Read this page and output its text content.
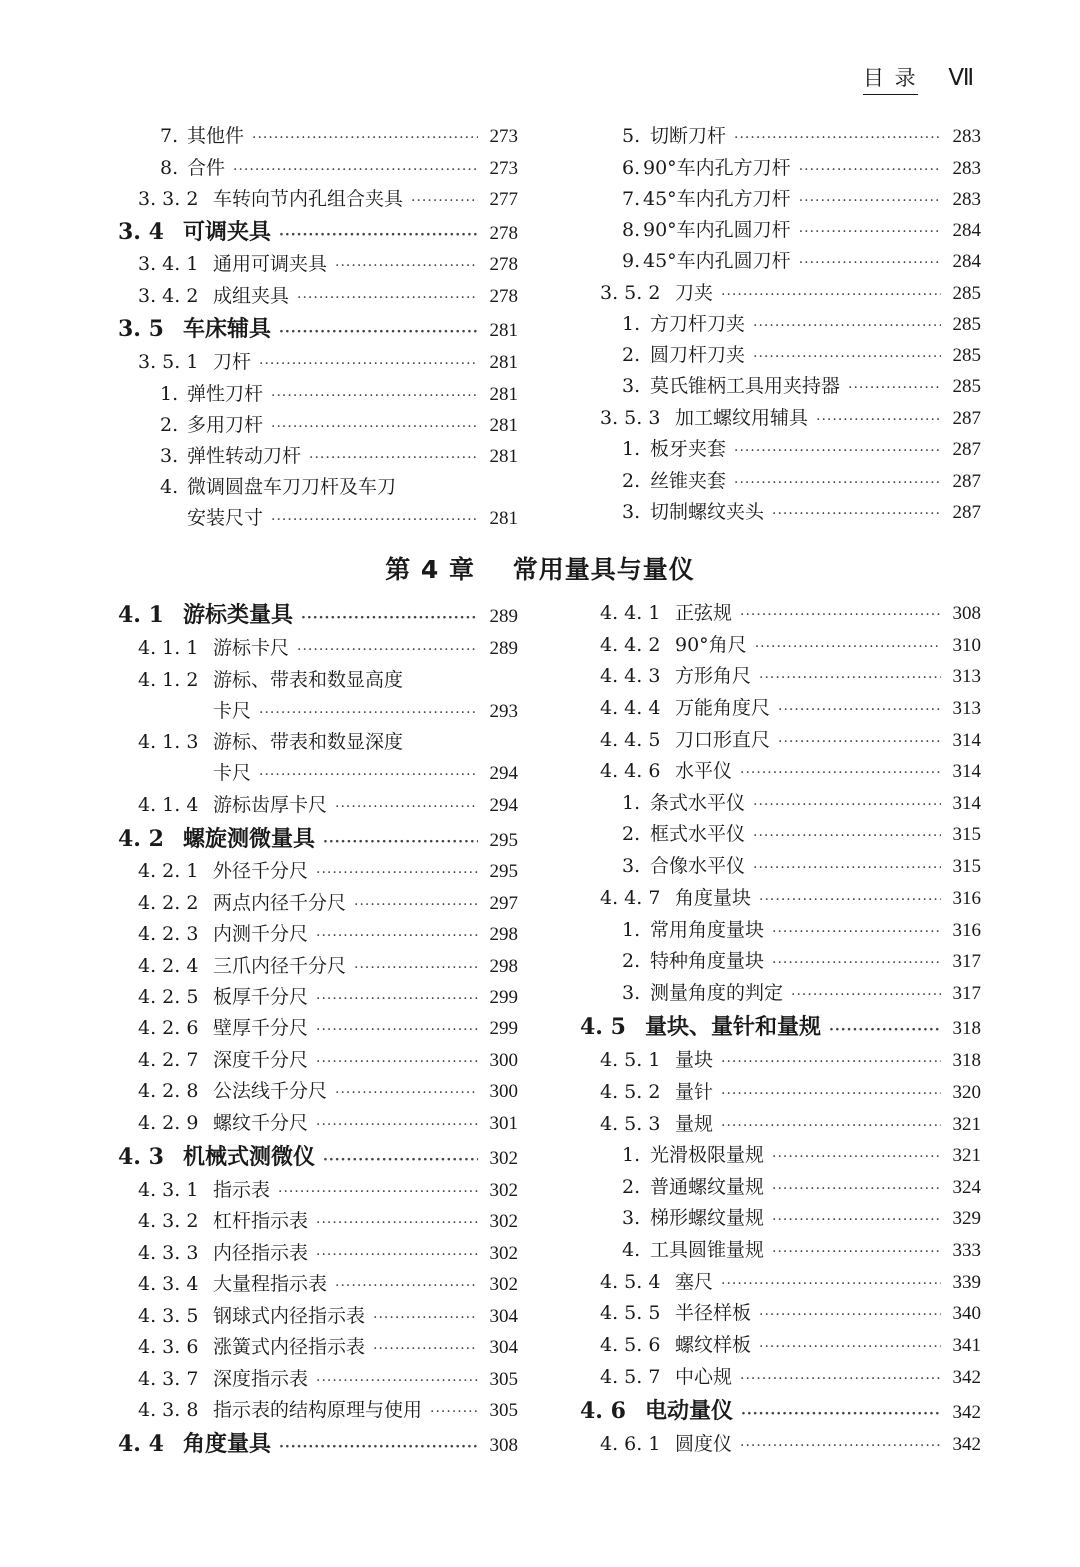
目 录 Ⅶ
第 4 章 常用量具与量仪
7. 其他件 ·····	273
8. 合件 ·····	273
3. 3. 2 车转向节内孔组合夹具 ·····	277
3. 4 可调夹具 ·····	278
3. 4. 1 通用可调夹具 ·····	278
3. 4. 2 成组夹具 ·····	278
3. 5 车床辅具 ·····	281
3. 5. 1 刀杆 ·····	281
1. 弹性刀杆 ·····	281
2. 多用刀杆 ·····	281
3. 弹性转动刀杆 ·····	281
4. 微调圆盘车刀刀杆及车刀
安装尺寸 ·····	281
5. 切断刀杆 ·····	283
6. 90°车内孔方刀杆 ·····	283
7. 45°车内孔方刀杆 ·····	283
8. 90°车内孔圆刀杆 ·····	284
9. 45°车内孔圆刀杆 ·····	284
3. 5. 2 刀夹 ·····	285
1. 方刀杆刀夹 ·····	285
2. 圆刀杆刀夹 ·····	285
3. 莫氏锥柄工具用夹持器 ·····	285
3. 5. 3 加工螺纹用辅具 ·····	287
1. 板牙夹套 ·····	287
2. 丝锥夹套 ·····	287
3. 切制螺纹夹头 ·····	287
4. 1 游标类量具 ·····	289
4. 1. 1 游标卡尺 ·····	289
4. 1. 2 游标、带表和数显高度
卡尺 ·····	293
4. 1. 3 游标、带表和数显深度
卡尺 ·····	294
4. 1. 4 游标齿厚卡尺 ·····	294
4. 2 螺旋测微量具 ·····	295
4. 2. 1 外径千分尺 ·····	295
4. 2. 2 两点内径千分尺 ·····	297
4. 2. 3 内测千分尺 ·····	298
4. 2. 4 三爪内径千分尺 ·····	298
4. 2. 5 板厚千分尺 ·····	299
4. 2. 6 壁厚千分尺 ·····	299
4. 2. 7 深度千分尺 ·····	300
4. 2. 8 公法线千分尺 ·····	300
4. 2. 9 螺纹千分尺 ·····	301
4. 3 机械式测微仪 ·····	302
4. 3. 1 指示表 ·····	302
4. 3. 2 杠杆指示表 ·····	302
4. 3. 3 内径指示表 ·····	302
4. 3. 4 大量程指示表 ·····	302
4. 3. 5 钢球式内径指示表 ·····	304
4. 3. 6 涨簧式内径指示表 ·····	304
4. 3. 7 深度指示表 ·····	305
4. 3. 8 指示表的结构原理与使用 ·····	305
4. 4 角度量具 ·····	308
4. 4. 1 正弦规 ·····	308
4. 4. 2 90°角尺 ·····	310
4. 4. 3 方形角尺 ·····	313
4. 4. 4 万能角度尺 ·····	313
4. 4. 5 刀口形直尺 ·····	314
4. 4. 6 水平仪 ·····	314
1. 条式水平仪 ·····	314
2. 框式水平仪 ·····	315
3. 合像水平仪 ·····	315
4. 4. 7 角度量块 ·····	316
1. 常用角度量块 ·····	316
2. 特种角度量块 ·····	317
3. 测量角度的判定 ·····	317
4. 5 量块、量针和量规 ·····	318
4. 5. 1 量块 ·····	318
4. 5. 2 量针 ·····	320
4. 5. 3 量规 ·····	321
1. 光滑极限量规 ·····	321
2. 普通螺纹量规 ·····	324
3. 梯形螺纹量规 ·····	329
4. 工具圆锥量规 ·····	333
4. 5. 4 塞尺 ·····	339
4. 5. 5 半径样板 ·····	340
4. 5. 6 螺纹样板 ·····	341
4. 5. 7 中心规 ·····	342
4. 6 电动量仪 ·····	342
4. 6. 1 圆度仪 ·····	342
